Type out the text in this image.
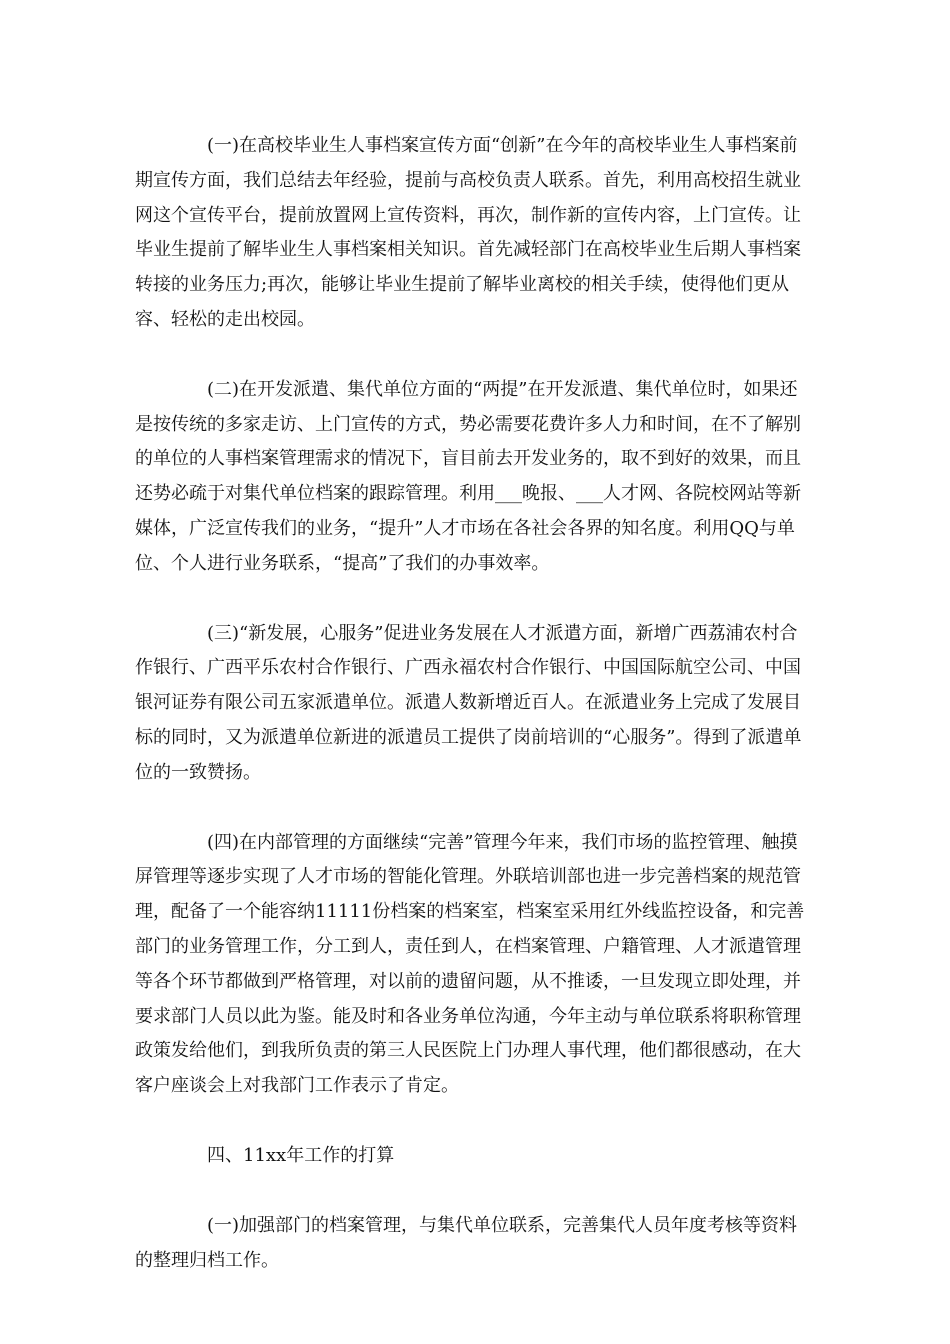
(一)在高校毕业生人事档案宣传方面“创新”在今年的高校毕业生人事档案前期宣传方面，我们总结去年经验，提前与高校负责人联系。首先，利用高校招生就业网这个宣传平台，提前放置网上宣传资料，再次，制作新的宣传内容，上门宣传。让毕业生提前了解毕业生人事档案相关知识。首先减轻部门在高校毕业生后期人事档案转接的业务压力;再次，能够让毕业生提前了解毕业离校的相关手续，使得他们更从容、轻松的走出校园。

(二)在开发派遣、集代单位方面的“两提”在开发派遣、集代单位时，如果还是按传统的多家走访、上门宣传的方式，势必需要花费许多人力和时间，在不了解别的单位的人事档案管理需求的情况下，盲目前去开发业务的，取不到好的效果，而且还势必疏于对集代单位档案的跟踪管理。利用___晚报、___人才网、各院校网站等新媒体，广泛宣传我们的业务，“提升”人才市场在各社会各界的知名度。利用QQ与单位、个人进行业务联系，“提高”了我们的办事效率。

(三)“新发展，心服务”促进业务发展在人才派遣方面，新增广西荔浦农村合作银行、广西平乐农村合作银行、广西永福农村合作银行、中国国际航空公司、中国银河证券有限公司五家派遣单位。派遣人数新增近百人。在派遣业务上完成了发展目标的同时，又为派遣单位新进的派遣员工提供了岗前培训的“心服务”。得到了派遣单位的一致赞扬。

(四)在内部管理的方面继续“完善”管理今年来，我们市场的监控管理、触摸屏管理等逐步实现了人才市场的智能化管理。外联培训部也进一步完善档案的规范管理，配备了一个能容纳11111份档案的档案室，档案室采用红外线监控设备，和完善部门的业务管理工作，分工到人，责任到人，在档案管理、户籍管理、人才派遣管理等各个环节都做到严格管理，对以前的遗留问题，从不推诿，一旦发现立即处理，并要求部门人员以此为鉴。能及时和各业务单位沟通，今年主动与单位联系将职称管理政策发给他们，到我所负责的第三人民医院上门办理人事代理，他们都很感动，在大客户座谈会上对我部门工作表示了肯定。

四、11xx年工作的打算

(一)加强部门的档案管理，与集代单位联系，完善集代人员年度考核等资料的整理归档工作。
